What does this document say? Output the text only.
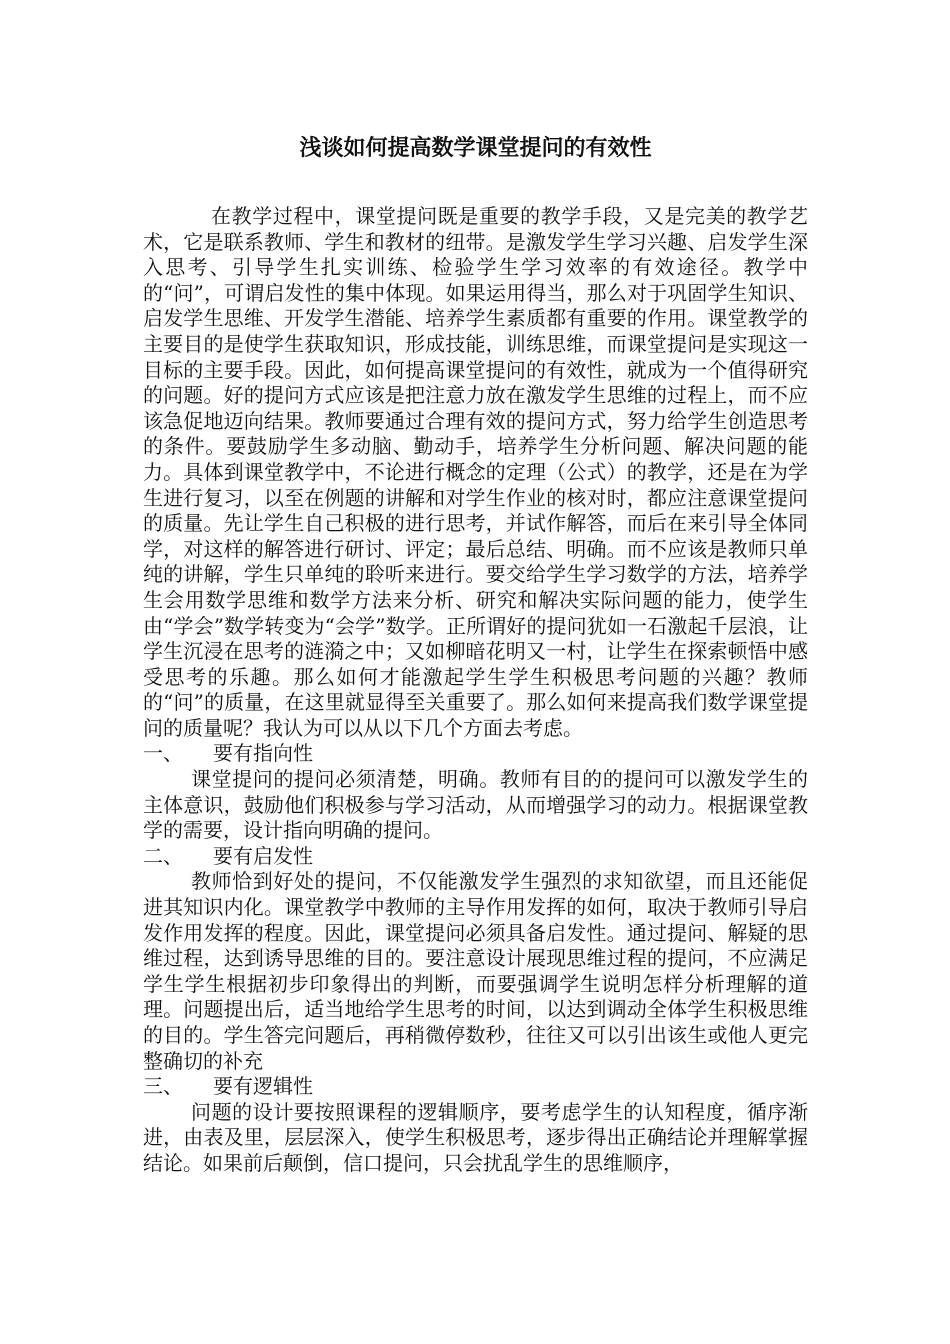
浅谈如何提高数学课堂提问的有效性

在教学过程中，课堂提问既是重要的教学手段，又是完美的教学艺术，它是联系教师、学生和教材的纽带。是激发学生学习兴趣、启发学生深入思考、引导学生扎实训练、检验学生学习效率的有效途径。教学中的“问”，可谓启发性的集中体现。如果运用得当，那么对于巩固学生知识、启发学生思维、开发学生潜能、培养学生素质都有重要的作用。课堂教学的主要目的是使学生获取知识，形成技能，训练思维，而课堂提问是实现这一目标的主要手段。因此，如何提高课堂提问的有效性，就成为一个值得研究的问题。好的提问方式应该是把注意力放在激发学生思维的过程上，而不应该急促地迈向结果。教师要通过合理有效的提问方式，努力给学生创造思考的条件。要鼓励学生多动脑、勤动手，培养学生分析问题、解决问题的能力。具体到课堂教学中，不论进行概念的定理（公式）的教学，还是在为学生进行复习，以至在例题的讲解和对学生作业的核对时，都应注意课堂提问的质量。先让学生自己积极的进行思考，并试作解答，而后在来引导全体同学，对这样的解答进行研讨、评定；最后总结、明确。而不应该是教师只单纯的讲解，学生只单纯的聆听来进行。要交给学生学习数学的方法，培养学生会用数学思维和数学方法来分析、研究和解决实际问题的能力，使学生由“学会”数学转变为“会学”数学。正所谓好的提问犹如一石激起千层浪，让学生沉浸在思考的涟漪之中；又如柳暗花明又一村，让学生在探索顿悟中感受思考的乐趣。那么如何才能激起学生学生积极思考问题的兴趣？教师的“问”的质量，在这里就显得至关重要了。那么如何来提高我们数学课堂提问的质量呢？我认为可以从以下几个方面去考虑。

一、 要有指向性

课堂提问的提问必须清楚，明确。教师有目的的提问可以激发学生的主体意识，鼓励他们积极参与学习活动，从而增强学习的动力。根据课堂教学的需要，设计指向明确的提问。

二、 要有启发性

教师恰到好处的提问，不仅能激发学生强烈的求知欲望，而且还能促进其知识内化。课堂教学中教师的主导作用发挥的如何，取决于教师引导启发作用发挥的程度。因此，课堂提问必须具备启发性。通过提问、解疑的思维过程，达到诱导思维的目的。要注意设计展现思维过程的提问，不应满足学生学生根据初步印象得出的判断，而要强调学生说明怎样分析理解的道理。问题提出后，适当地给学生思考的时间，以达到调动全体学生积极思维的目的。学生答完问题后，再稍微停数秒，往往又可以引出该生或他人更完整确切的补充

三、 要有逻辑性

问题的设计要按照课程的逻辑顺序，要考虑学生的认知程度，循序渐进，由表及里，层层深入，使学生积极思考，逐步得出正确结论并理解掌握结论。如果前后颠倒，信口提问，只会扰乱学生的思维顺序，
